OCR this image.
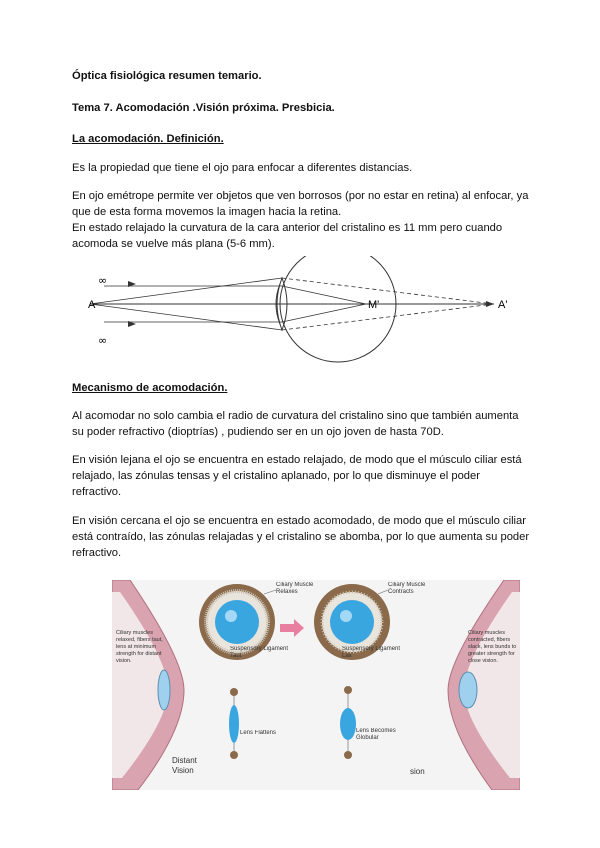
Óptica fisiológica resumen temario.

Tema 7. Acomodación .Visión próxima. Presbicia.

La acomodación. Definición.

Es la propiedad que tiene el ojo para enfocar a diferentes distancias.

En ojo emétrope permite ver objetos que ven borrosos (por no estar en retina) al enfocar, ya que de esta forma movemos la imagen hacia la retina.

En estado relajado la curvatura de la cara anterior del cristalino es 11 mm pero cuando acomoda se vuelve más plana (5-6 mm).

∞
∞
A	M'	A'

Mecanismo de acomodación.

Al acomodar no solo cambia el radio de curvatura del cristalino sino que también aumenta su poder refractivo (dioptrías) , pudiendo ser en un ojo joven de hasta 70D.

En visión lejana el ojo se encuentra en estado relajado, de modo que el músculo ciliar está relajado, las zónulas tensas y el cristalino aplanado, por lo que disminuye el poder refractivo.

En visión cercana el ojo se encuentra en estado acomodado, de modo que el músculo ciliar está contraído, las zónulas relajadas y el cristalino se abomba, por lo que aumenta su poder refractivo.

Ciliary muscles relaxed, fibers taut, lens at minimum strength for distant vision.
Ciliary muscles contracted, fibers slack, lens bunds to greater strength for close vision.
Ciliary Muscle Relaxes
Ciliary Muscle Contracts
Suspensory Ligament Taut
Suspensory Ligament Lax
Lens Flattens	Lens Becomes Globular
Distant Vision	sion
